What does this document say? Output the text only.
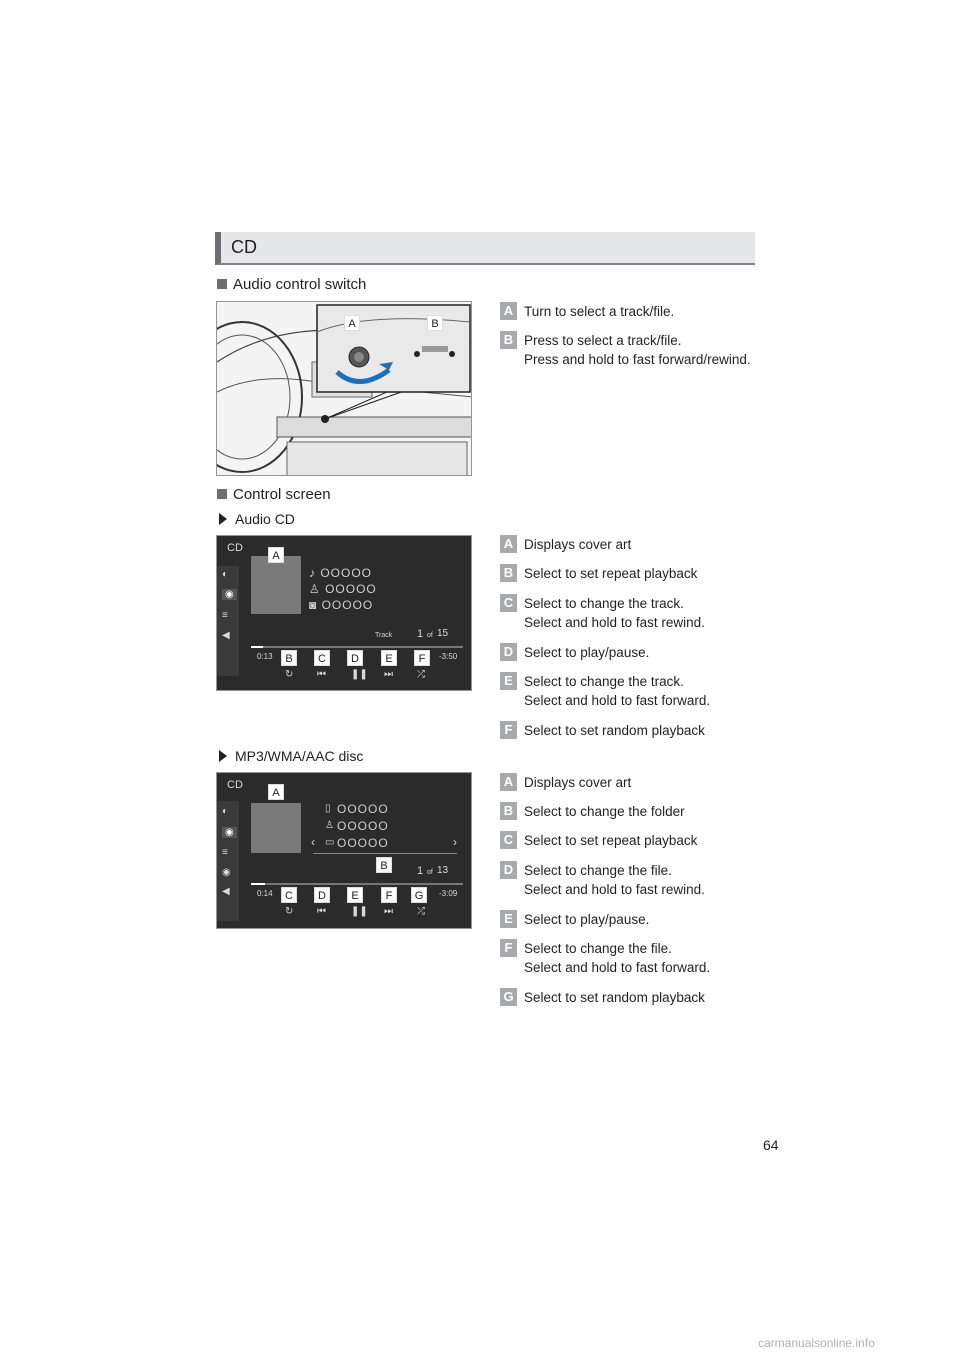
CD
Audio control switch
A	B
A Turn to select a track/file.
B Press to select a track/file.
Press and hold to fast forward/rewind.
Control screen
Audio CD
CD
◐
◉
≡
◀
A
♪ OOOOO
♙ OOOOO
◙ OOOOO
Track 1 of 15
0:13	-3:50
B	C	D	E	F
↻ ⏮	❚❚ ⏭ ⤮
A Displays cover art
B Select to set repeat playback
C Select to change the track.
Select and hold to fast rewind.
D Select to play/pause.
E Select to change the track.
Select and hold to fast forward.
F Select to set random playback
MP3/WMA/AAC disc
CD
◐
◉
≡
◉
◀
A
▯ OOOOO
♙ OOOOO
‹ ▭ OOOOO	›
B	1 of 13
0:14	-3:09
C	D	E	F	G
↻ ⏮	❚❚ ⏭ ⤮
A Displays cover art
B Select to change the folder
C Select to set repeat playback
D Select to change the file.
Select and hold to fast rewind.
E Select to play/pause.
F Select to change the file.
Select and hold to fast forward.
G Select to set random playback
64
carmanualsonline.info
